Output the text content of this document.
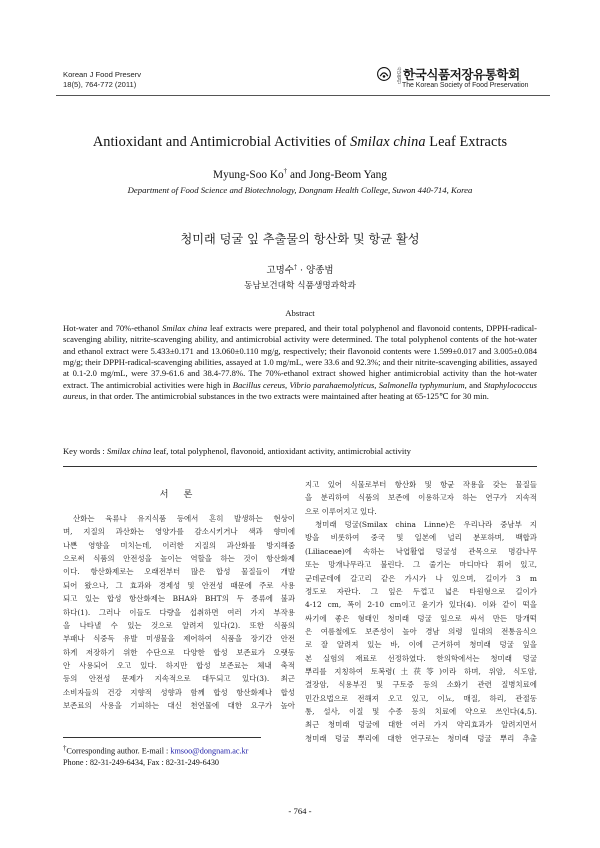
Korean J Food Preserv
18(5), 764-772 (2011)
사단법인 한국식품저장유통학회
The Korean Society of Food Preservation
Antioxidant and Antimicrobial Activities of Smilax china Leaf Extracts
Myung-Soo Ko† and Jong-Beom Yang
Department of Food Science and Biotechnology, Dongnam Health College, Suwon 440-714, Korea
청미래 덩굴 잎 추출물의 항산화 및 항균 활성
고명수† · 양종범
동남보건대학 식품생명과학과
Abstract
Hot-water and 70%-ethanol Smilax china leaf extracts were prepared, and their total polyphenol and flavonoid contents, DPPH-radical-scavenging ability, nitrite-scavenging ability, and antimicrobial activity were determined. The total polyphenol contents of the hot-water and ethanol extract were 5.433±0.171 and 13.060±0.110 mg/g, respectively; their flavonoid contents were 1.599±0.017 and 3.005±0.084 mg/g; their DPPH-radical-scavenging abilities, assayed at 1.0 mg/mL, were 33.6 and 92.3%; and their nitrite-scavenging abilities, assayed at 0.1-2.0 mg/mL, were 37.9-61.6 and 38.4-77.8%. The 70%-ethanol extract showed higher antimicrobial activity than the hot-water extract. The antimicrobial activities were high in Bacillus cereus, Vibrio parahaemolyticus, Salmonella typhymurium, and Staphylococcus aureus, in that order. The antimicrobial substances in the two extracts were maintained after heating at 65-125℃ for 30 min.
Key words : Smilax china leaf, total polyphenol, flavonoid, antioxidant activity, antimicrobial activity
서 론
산화는 육류나 유지식품 등에서 흔히 발생하는 현상이
며, 지질의 과산화는 영양가를 감소시키거나 색과 향미에
나쁜 영향을 미치는데, 이러한 지질의 과산화를 방지해줌
으로써 식품의 안전성을 높이는 역할을 하는 것이 항산화제
이다. 항산화제로는 오래전부터 많은 합성 물질들이 개발
되어 왔으나, 그 효과와 경제성 및 안전성 때문에 주로 사용
되고 있는 합성 항산화제는 BHA와 BHT의 두 종류에 불과
하다(1). 그러나 이들도 다량을 섭취하면 여러 가지 부작용
을 나타낼 수 있는 것으로 알려져 있다(2). 또한 식품의
부패나 식중독 유발 미생물을 제어하여 식품을 장기간 안전
하게 저장하기 위한 수단으로 다양한 합성 보존료가 오랫동
안 사용되어 오고 있다. 하지만 합성 보존료는 체내 축적
등의 안전성 문제가 지속적으로 대두되고 있다(3). 최근
소비자들의 건강 지향적 성향과 함께 합성 항산화제나 합성
보존료의 사용을 기피하는 대신 천연물에 대한 요구가 높아
지고 있어 식물로부터 항산화 및 항균 작용을 갖는 물질들
을 분리하여 식품의 보존에 이용하고자 하는 연구가 지속적
으로 이루어지고 있다.
청미래 덩굴(Smilax china Linne)은 우리나라 중남부 지
방을 비롯하여 중국 및 일본에 널리 분포하며, 백합과
(Liliaceae)에 속하는 낙엽활엽 덩굴성 관목으로 명감나무
또는 망개나무라고 불린다. 그 줄기는 마디마다 휘어 있고,
군데군데에 갈고리 같은 가시가 나 있으며, 길이가 3 m
정도로 자란다. 그 잎은 두껍고 넓은 타원형으로 길이가
4-12 cm, 폭이 2-10 cm이고 윤기가 있다(4). 이와 같이 떡을
싸기에 좋은 형태인 청미래 덩굴 잎으로 싸서 만든 망개떡
은 여름철에도 보존성이 높아 경남 의령 일대의 전통음식으
로 잘 알려져 있는 바, 이에 근거하여 청미래 덩굴 잎을
본 실험의 재료로 선정하였다. 한의학에서는 청미래 덩굴
뿌리를 지칭하여 토복령(土茯笭)이라 하며, 위암, 식도암,
결장암, 식용부진 및 구토증 등의 소화기 관련 질병치료에
민간요법으로 전해져 오고 있고, 이뇨, 매질, 하리, 관절동
통, 설사, 이질 및 수종 등의 치료에 약으로 쓰인다(4,5).
최근 청미래 덩굴에 대한 여러 가지 약리효과가 알려지면서
청미래 덩굴 뿌리에 대한 연구로는 청미래 덩굴 뿌리 추출
†Corresponding author. E-mail : kmsoo@dongnam.ac.kr
Phone : 82-31-249-6434, Fax : 82-31-249-6430
- 764 -
